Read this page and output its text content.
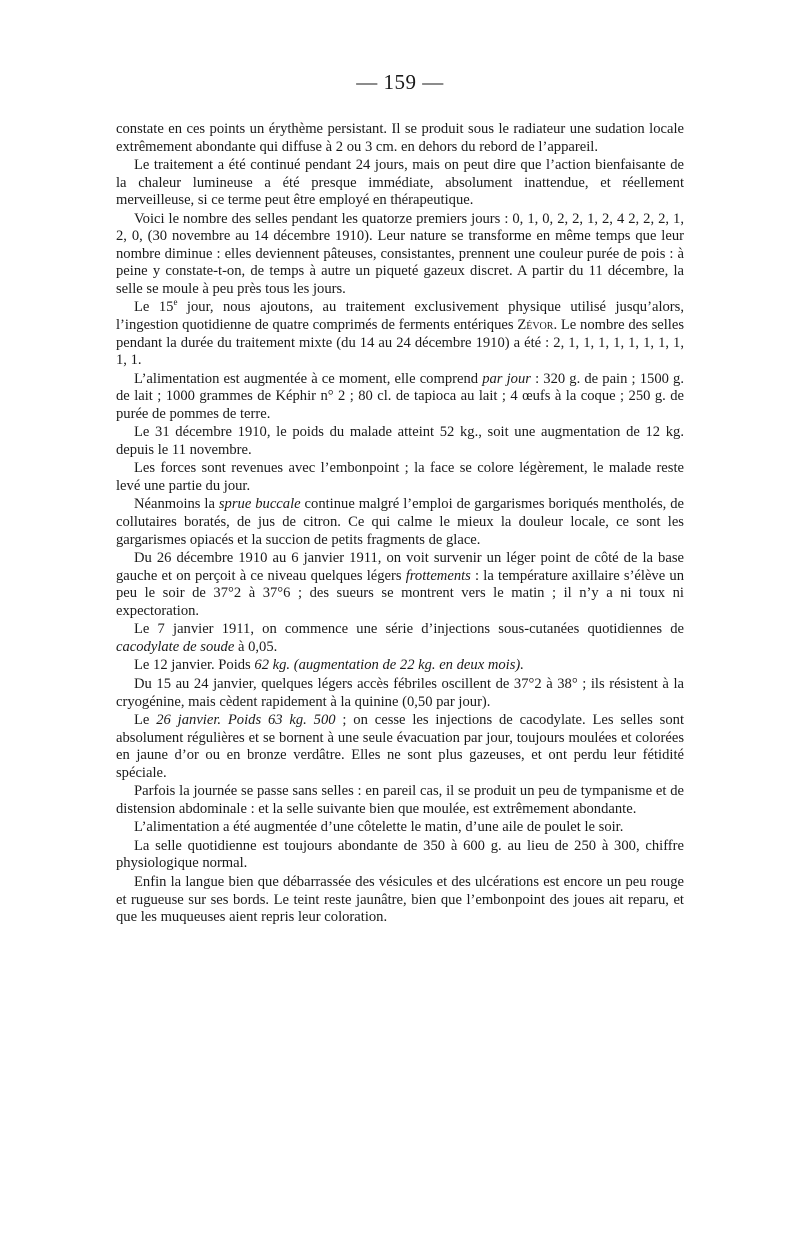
— 159 —

constate en ces points un érythème persistant. Il se produit sous le radiateur une sudation locale extrêmement abondante qui diffuse à 2 ou 3 cm. en dehors du rebord de l’appareil.

Le traitement a été continué pendant 24 jours, mais on peut dire que l’action bienfaisante de la chaleur lumineuse a été presque immédiate, absolument inattendue, et réellement merveilleuse, si ce terme peut être employé en thérapeutique.

Voici le nombre des selles pendant les quatorze premiers jours : 0, 1, 0, 2, 2, 1, 2, 4 2, 2, 2, 1, 2, 0, (30 novembre au 14 décembre 1910). Leur nature se transforme en même temps que leur nombre diminue : elles deviennent pâteuses, consistantes, prennent une couleur purée de pois : à peine y constate-t-on, de temps à autre un piqueté gazeux discret. A partir du 11 décembre, la selle se moule à peu près tous les jours.

Le 15e jour, nous ajoutons, au traitement exclusivement physique utilisé jusqu’alors, l’ingestion quotidienne de quatre comprimés de ferments entériques Zévor. Le nombre des selles pendant la durée du traitement mixte (du 14 au 24 décembre 1910) a été : 2, 1, 1, 1, 1, 1, 1, 1, 1, 1, 1.

L’alimentation est augmentée à ce moment, elle comprend par jour : 320 g. de pain ; 1500 g. de lait ; 1000 grammes de Képhir n° 2 ; 80 cl. de tapioca au lait ; 4 œufs à la coque ; 250 g. de purée de pommes de terre.

Le 31 décembre 1910, le poids du malade atteint 52 kg., soit une augmentation de 12 kg. depuis le 11 novembre.

Les forces sont revenues avec l’embonpoint ; la face se colore légèrement, le malade reste levé une partie du jour.

Néanmoins la sprue buccale continue malgré l’emploi de gargarismes boriqués mentholés, de collutaires boratés, de jus de citron. Ce qui calme le mieux la douleur locale, ce sont les gargarismes opiacés et la succion de petits fragments de glace.

Du 26 décembre 1910 au 6 janvier 1911, on voit survenir un léger point de côté de la base gauche et on perçoit à ce niveau quelques légers frottements : la température axillaire s’élève un peu le soir de 37°2 à 37°6 ; des sueurs se montrent vers le matin ; il n’y a ni toux ni expectoration.

Le 7 janvier 1911, on commence une série d’injections sous-cutanées quotidiennes de cacodylate de soude à 0,05.

Le 12 janvier. Poids 62 kg. (augmentation de 22 kg. en deux mois).

Du 15 au 24 janvier, quelques légers accès fébriles oscillent de 37°2 à 38° ; ils résistent à la cryogénine, mais cèdent rapidement à la quinine (0,50 par jour).

Le 26 janvier. Poids 63 kg. 500 ; on cesse les injections de cacodylate. Les selles sont absolument régulières et se bornent à une seule évacuation par jour, toujours moulées et colorées en jaune d’or ou en bronze verdâtre. Elles ne sont plus gazeuses, et ont perdu leur fétidité spéciale.

Parfois la journée se passe sans selles : en pareil cas, il se produit un peu de tympanisme et de distension abdominale : et la selle suivante bien que moulée, est extrêmement abondante.

L’alimentation a été augmentée d’une côtelette le matin, d’une aile de poulet le soir.

La selle quotidienne est toujours abondante de 350 à 600 g. au lieu de 250 à 300, chiffre physiologique normal.

Enfin la langue bien que débarrassée des vésicules et des ulcérations est encore un peu rouge et rugueuse sur ses bords. Le teint reste jaunâtre, bien que l’embonpoint des joues ait reparu, et que les muqueuses aient repris leur coloration.
